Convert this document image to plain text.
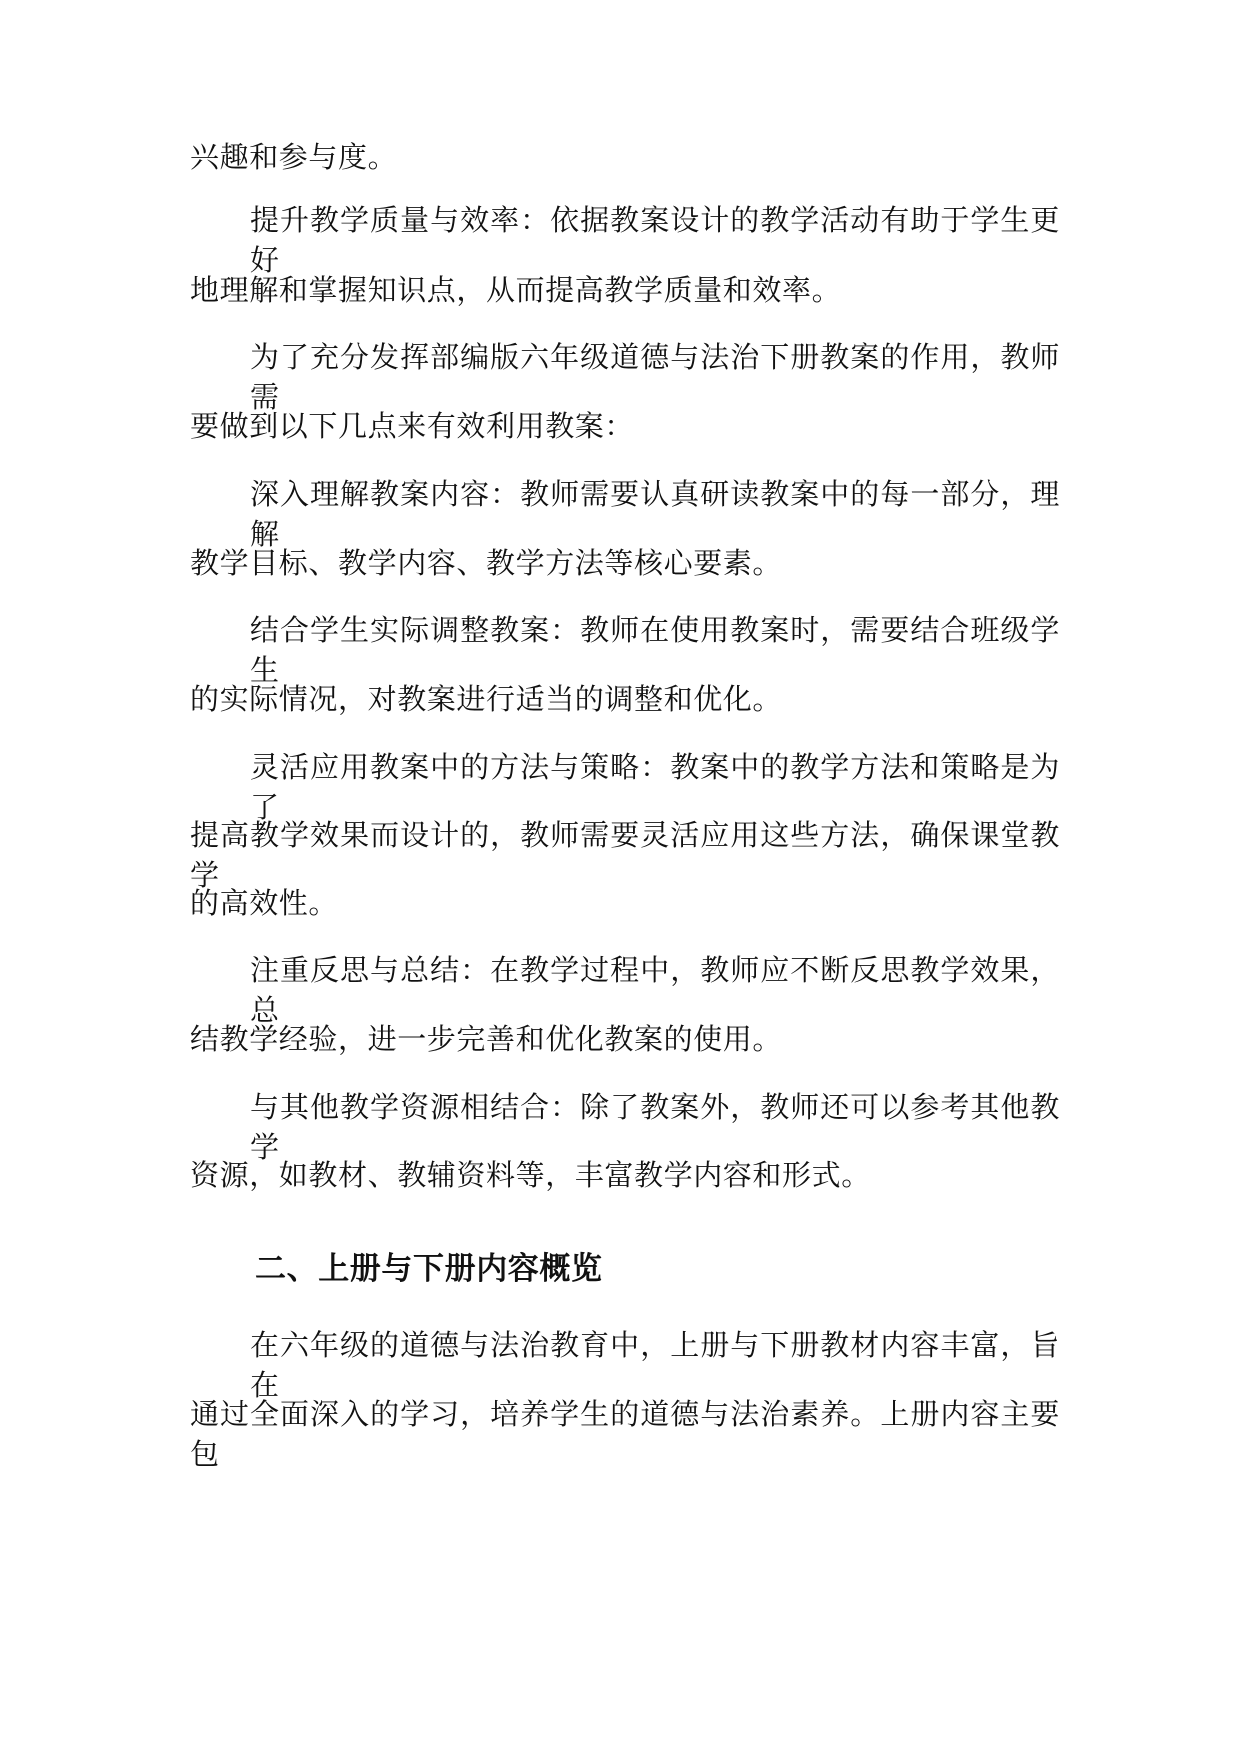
兴趣和参与度。
提升教学质量与效率：依据教案设计的教学活动有助于学生更好
地理解和掌握知识点，从而提高教学质量和效率。
为了充分发挥部编版六年级道德与法治下册教案的作用，教师需
要做到以下几点来有效利用教案：
深入理解教案内容：教师需要认真研读教案中的每一部分，理解
教学目标、教学内容、教学方法等核心要素。
结合学生实际调整教案：教师在使用教案时，需要结合班级学生
的实际情况，对教案进行适当的调整和优化。
灵活应用教案中的方法与策略：教案中的教学方法和策略是为了
提高教学效果而设计的，教师需要灵活应用这些方法，确保课堂教学
的高效性。
注重反思与总结：在教学过程中，教师应不断反思教学效果，总
结教学经验，进一步完善和优化教案的使用。
与其他教学资源相结合：除了教案外，教师还可以参考其他教学
资源，如教材、教辅资料等，丰富教学内容和形式。
二、上册与下册内容概览
在六年级的道德与法治教育中，上册与下册教材内容丰富，旨在
通过全面深入的学习，培养学生的道德与法治素养。上册内容主要包
